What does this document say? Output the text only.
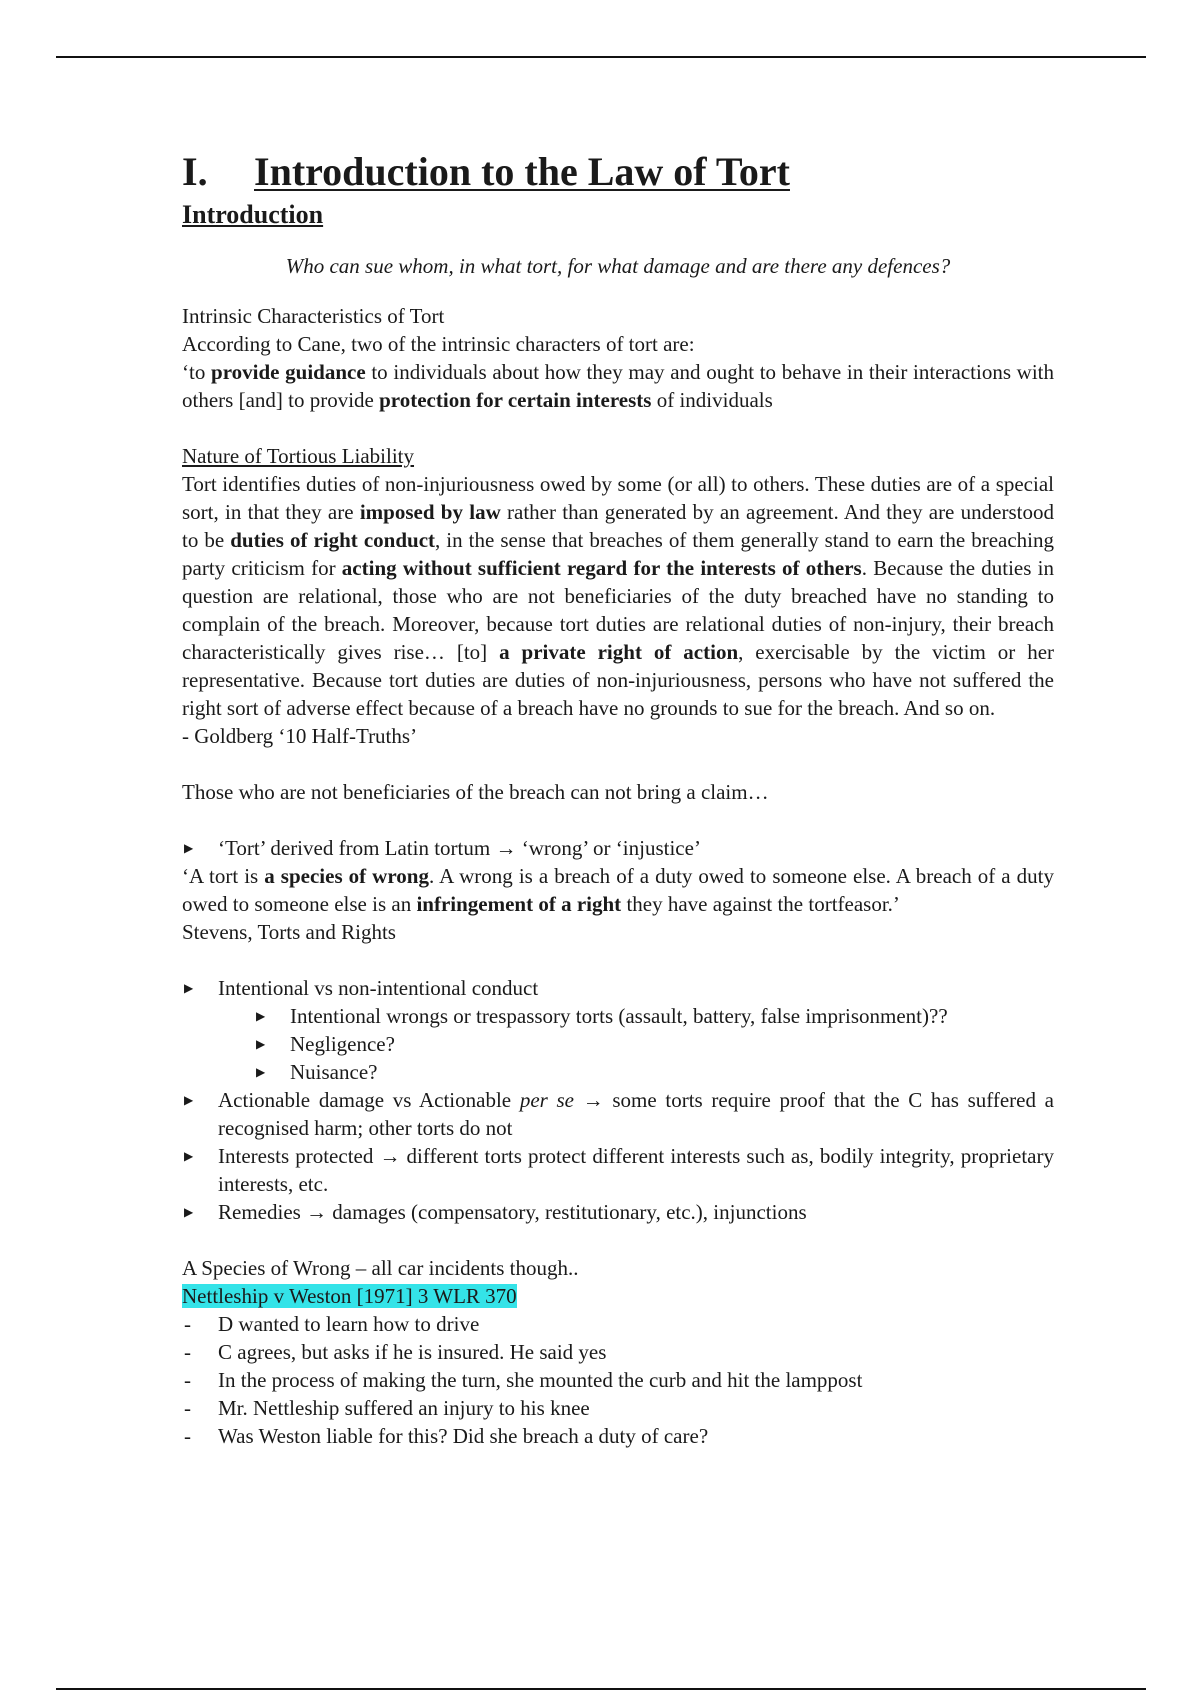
I. Introduction to the Law of Tort
Introduction

Who can sue whom, in what tort, for what damage and are there any defences?

Intrinsic Characteristics of Tort

According to Cane, two of the intrinsic characters of tort are:

‘to provide guidance to individuals about how they may and ought to behave in their interactions with others [and] to provide protection for certain interests of individuals

Nature of Tortious Liability

Tort identifies duties of non-injuriousness owed by some (or all) to others. These duties are of a special sort, in that they are imposed by law rather than generated by an agreement. And they are understood to be duties of right conduct, in the sense that breaches of them generally stand to earn the breaching party criticism for acting without sufficient regard for the interests of others. Because the duties in question are relational, those who are not beneficiaries of the duty breached have no standing to complain of the breach. Moreover, because tort duties are relational duties of non-injury, their breach characteristically gives rise… [to] a private right of action, exercisable by the victim or her representative. Because tort duties are duties of non-injuriousness, persons who have not suffered the right sort of adverse effect because of a breach have no grounds to sue for the breach. And so on.

- Goldberg ‘10 Half-Truths’

Those who are not beneficiaries of the breach can not bring a claim…

▶ ‘Tort’ derived from Latin tortum → ‘wrong’ or ‘injustice’

‘A tort is a species of wrong. A wrong is a breach of a duty owed to someone else. A breach of a duty owed to someone else is an infringement of a right they have against the tortfeasor.’

Stevens, Torts and Rights

▶ Intentional vs non-intentional conduct
▶ Intentional wrongs or trespassory torts (assault, battery, false imprisonment)??
▶ Negligence?
▶ Nuisance?
▶ Actionable damage vs Actionable per se → some torts require proof that the C has suffered a recognised harm; other torts do not
▶ Interests protected → different torts protect different interests such as, bodily integrity, proprietary interests, etc.
▶ Remedies → damages (compensatory, restitutionary, etc.), injunctions

A Species of Wrong – all car incidents though..

Nettleship v Weston [1971] 3 WLR 370

- D wanted to learn how to drive
- C agrees, but asks if he is insured. He said yes
- In the process of making the turn, she mounted the curb and hit the lamppost
- Mr. Nettleship suffered an injury to his knee
- Was Weston liable for this? Did she breach a duty of care?
